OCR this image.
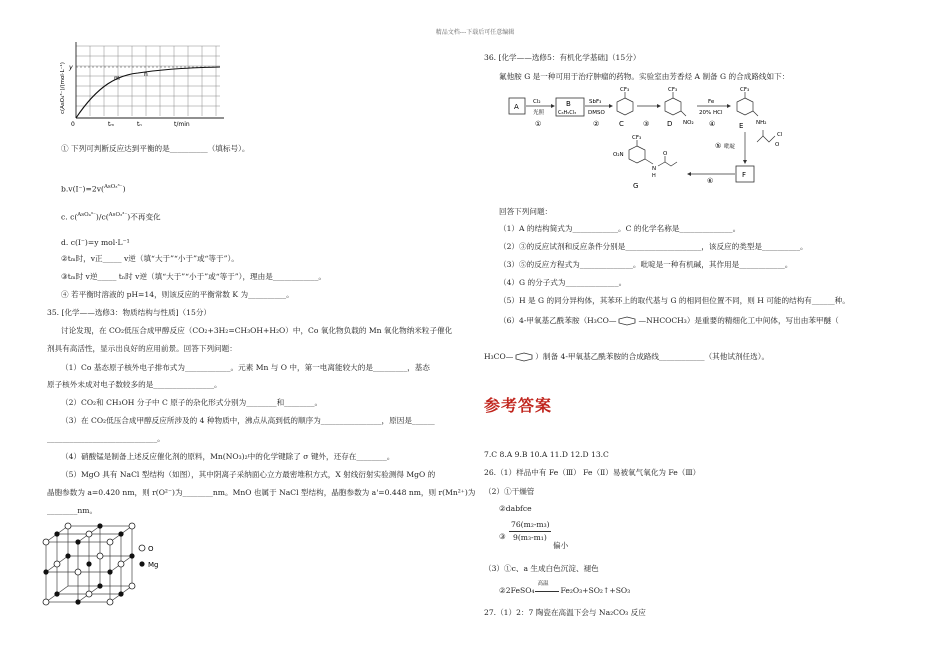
精品文档---下载后可任意编辑
c(AsO₄³⁻)/(mol·L⁻¹) y
0	tₘ	tₙ	t/min
m
n
① 下列可判断反应达到平衡的是__________（填标号）。
b.v(I⁻)=2v($^{AsO_3^{3-}}$)
c. c($^{AsO_4^{3-}}$)/c($^{AsO_3^{3-}}$)不再变化
d. c(I⁻)=y mol·L⁻¹
②tₘ时，v正_____ v逆（填“大于”“小于”或“等于”）。
③tₘ时 v逆_____ tₙ时 v逆（填“大于”“小于”或“等于”），理由是____________。
④ 若平衡时溶液的 pH=14，则该反应的平衡常数 K 为__________。
35. [化学——选修3：物质结构与性质]（15分）
讨论发现，在 CO₂低压合成甲醇反应（CO₂+3H₂=CH₃OH+H₂O）中，Co 氧化物负载的 Mn 氧化物纳米粒子催化
剂具有高活性，显示出良好的应用前景。回答下列问题：
（1）Co 基态原子核外电子排布式为____________。元素 Mn 与 O 中，第一电离能较大的是_________，基态
原子核外未成对电子数较多的是________________。
（2）CO₂和 CH₃OH 分子中 C 原子的杂化形式分别为________和________。
（3）在 CO₂低压合成甲醇反应所涉及的 4 种物质中，沸点从高到低的顺序为________________，原因是______
_____________________________。
（4）硝酸锰是制备上述反应催化剂的原料，Mn(NO₃)₂中的化学键除了 σ 键外，还存在________。
（5）MgO 具有 NaCl 型结构（如图），其中阴离子采纳面心立方最密堆积方式，X 射线衍射实验测得 MgO 的
晶胞参数为 a=0.420 nm，则 r(O²⁻)为________nm。MnO 也属于 NaCl 型结构，晶胞参数为 a'=0.448 nm，则 r(Mn²⁺)为
________nm。
O
Mg
36. [化学——选修5：有机化学基础]（15分）
氟他胺 G 是一种可用于治疗肿瘤的药物。实验室由芳香烃 A 制备 G 的合成路线如下：
A
Cl₂
光照
①
B
C₆H₅Cl₃
SbF₃
DMSO
②
CF₃
C	③
CF₃
NO₂
D
Fe
20% HCl
④
CF₃
NH₂
E
⑤ 吡啶	O
Cl
F
⑥
CF₃
O₂N
N
H
O
G
回答下列问题：
（1）A 的结构简式为____________。C 的化学名称是______________。
（2）③的反应试剂和反应条件分别是____________________，该反应的类型是__________。
（3）⑤的反应方程式为______________。吡啶是一种有机碱，其作用是____________。
（4）G 的分子式为______________。
（5）H 是 G 的同分异构体，其苯环上的取代基与 G 的相同但位置不同，则 H 可能的结构有______种。
（6）4-甲氧基乙酰苯胺（H₃CO—	—NHCOCH₃）是重要的精细化工中间体，写出由苯甲醚（
H₃CO—	）制备 4-甲氧基乙酰苯胺的合成路线____________（其他试剂任选）。
参考答案
7.C 8.A 9.B 10.A 11.D 12.D 13.C
26.（1）样品中有 Fe（Ⅲ） Fe（Ⅱ）易被氧气氧化为 Fe（Ⅲ）
（2）①干燥管
②dabfce
③
76(m₂-m₃)
9(m₃-m₁)
偏小
（3）①c、a 生成白色沉淀、褪色
②2FeSO₄
高温
Fe₂O₃+SO₂↑+SO₃
27.（1）2：7 陶瓷在高温下会与 Na₂CO₃ 反应
